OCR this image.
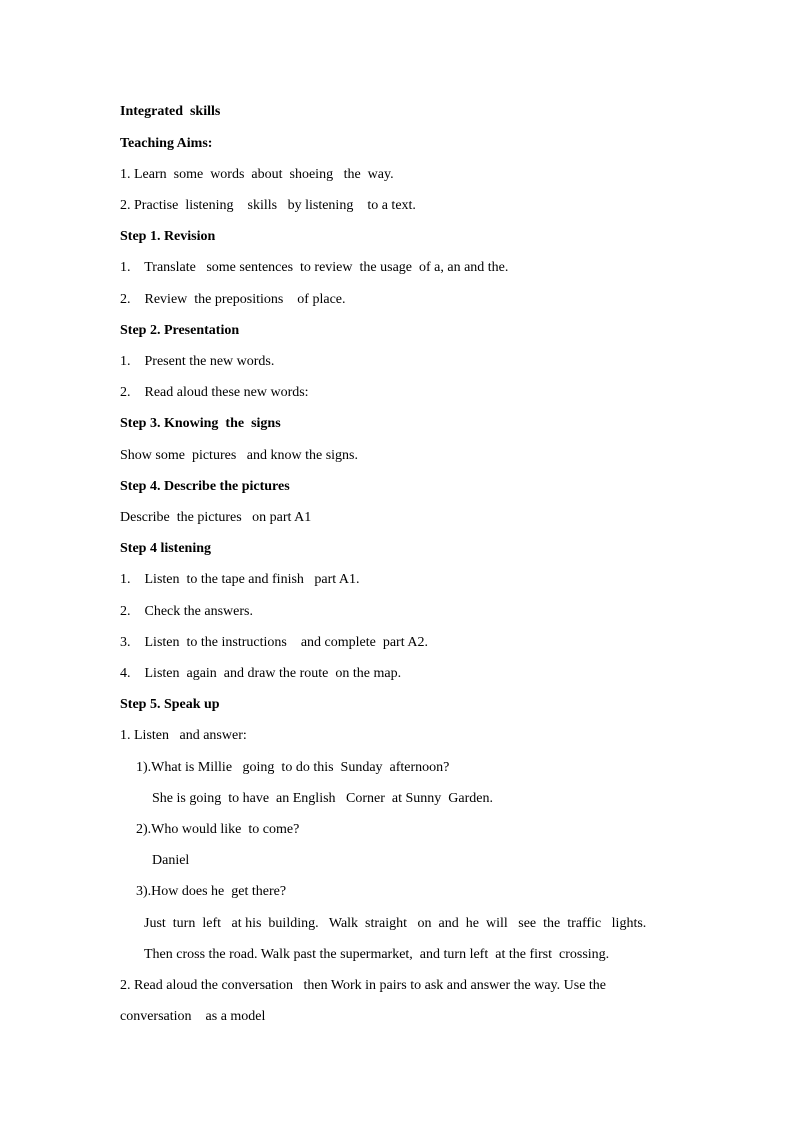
Integrated  skills
Teaching Aims:
1. Learn  some  words  about  shoeing   the  way.
2. Practise  listening    skills   by listening    to a text.
Step 1. Revision
1.    Translate   some sentences  to review  the usage  of a, an and the.
2.    Review  the prepositions    of place.
Step 2. Presentation
1.    Present the new words.
2.    Read aloud these new words:
Step 3. Knowing  the  signs
Show some  pictures   and know the signs.
Step 4. Describe the pictures
Describe  the pictures   on part A1
Step 4 listening
1.    Listen  to the tape and finish   part A1.
2.    Check the answers.
3.    Listen  to the instructions    and complete  part A2.
4.    Listen  again  and draw the route  on the map.
Step 5. Speak up
1. Listen   and answer:
1).What is Millie   going  to do this  Sunday  afternoon?
She is going  to have  an English   Corner  at Sunny  Garden.
2).Who would like  to come?
Daniel
3).How does he  get there?
Just  turn  left   at his  building.   Walk  straight   on  and  he  will   see  the  traffic   lights.
Then cross the road. Walk past the supermarket,  and turn left  at the first  crossing.
2. Read aloud the conversation   then Work in pairs to ask and answer the way. Use the
conversation    as a model
